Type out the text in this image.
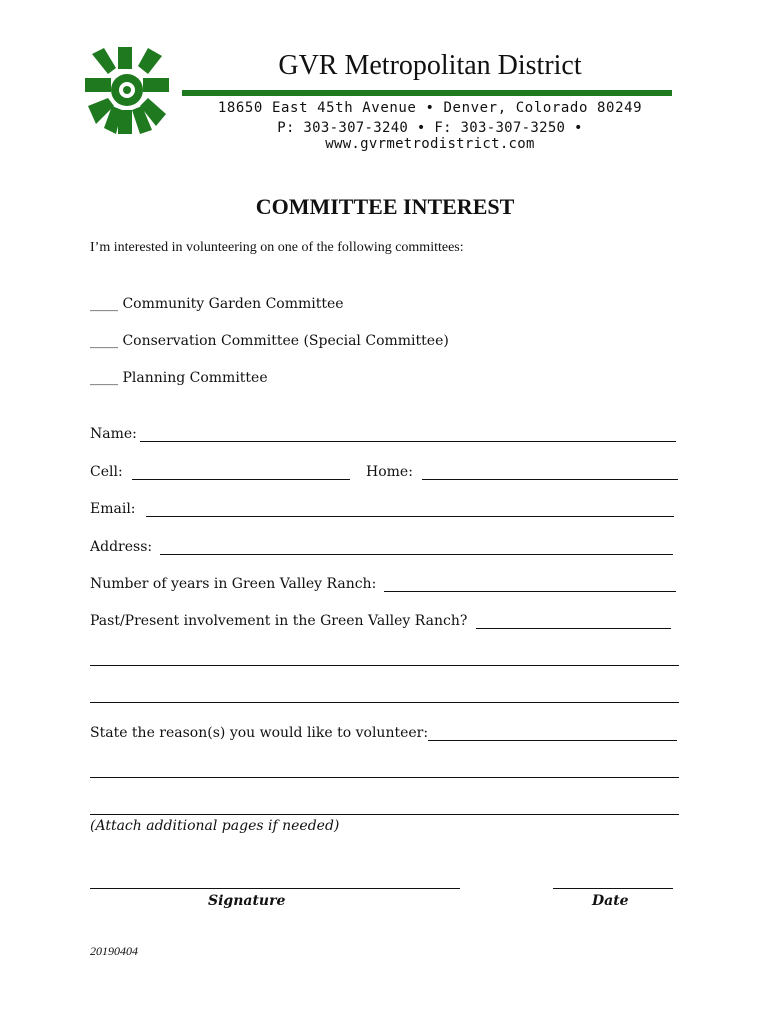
GVR Metropolitan District
18650 East 45th Avenue • Denver, Colorado 80249
P: 303-307-3240 • F: 303-307-3250 • www.gvrmetrodistrict.com
COMMITTEE INTEREST
I’m interested in volunteering on one of the following committees:
____ Community Garden Committee
____ Conservation Committee (Special Committee)
____ Planning Committee
Name:
Cell:	Home:
Email:
Address:
Number of years in Green Valley Ranch:
Past/Present involvement in the Green Valley Ranch?
State the reason(s) you would like to volunteer:
(Attach additional pages if needed)
Signature	Date
20190404
